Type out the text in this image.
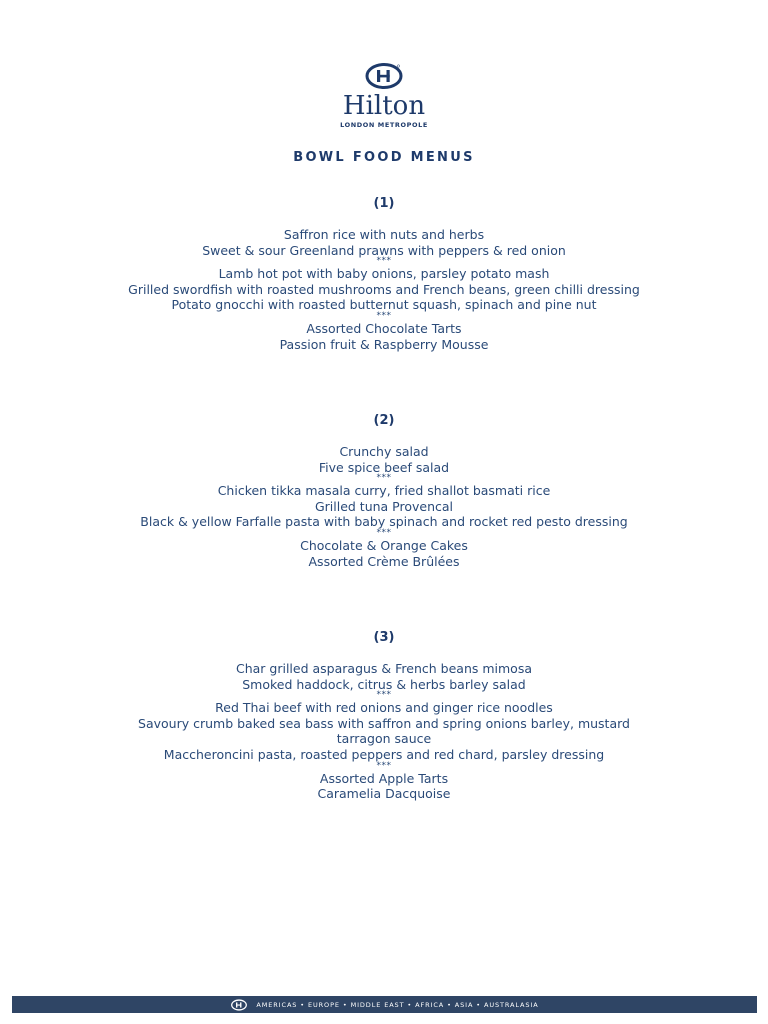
Hilton
LONDON METROPOLE
BOWL FOOD MENUS
(1)
Saffron rice with nuts and herbs
Sweet & sour Greenland prawns with peppers & red onion
***
Lamb hot pot with baby onions, parsley potato mash
Grilled swordfish with roasted mushrooms and French beans, green chilli dressing
Potato gnocchi with roasted butternut squash, spinach and pine nut
***
Assorted Chocolate Tarts
Passion fruit & Raspberry Mousse
(2)
Crunchy salad
Five spice beef salad
***
Chicken tikka masala curry, fried shallot basmati rice
Grilled tuna Provencal
Black & yellow Farfalle pasta with baby spinach and rocket red pesto dressing
***
Chocolate & Orange Cakes
Assorted Crème Brûlées
(3)
Char grilled asparagus & French beans mimosa
Smoked haddock, citrus & herbs barley salad
***
Red Thai beef with red onions and ginger rice noodles
Savoury crumb baked sea bass with saffron and spring onions barley, mustard
tarragon sauce
Maccheroncini pasta, roasted peppers and red chard, parsley dressing
***
Assorted Apple Tarts
Caramelia Dacquoise
AMERICAS • EUROPE • MIDDLE EAST • AFRICA • ASIA • AUSTRALASIA
